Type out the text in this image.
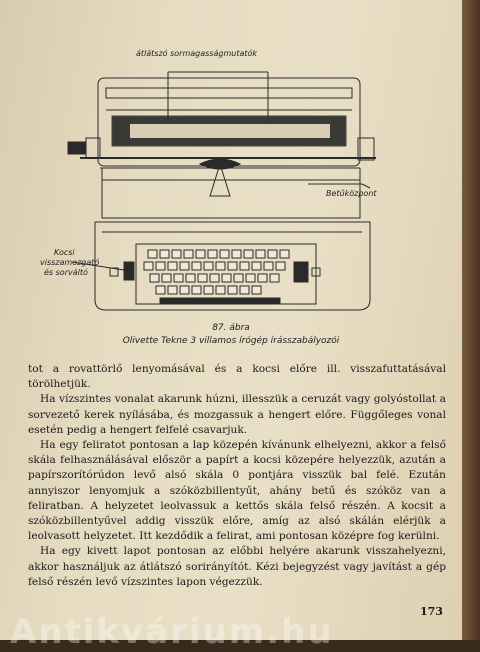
átlátszó sormagasságmutatók
Betűközpont
Kocsi
visszamozgató
és sorváltó
87. ábra
Olivette Tekne 3 villamos írógép írásszabályozói

tot a rovattörlő lenyomásával és a kocsi előre ill. visszafuttatásával törölhetjük.

Ha vízszintes vonalat akarunk húzni, illesszük a ceruzát vagy golyóstollat a sorvezető kerek nyílásába, és mozgassuk a hengert előre. Függőleges vonal esetén pedig a hengert felfelé csavarjuk.

Ha egy feliratot pontosan a lap közepén kívánunk elhelyezni, akkor a felső skála felhasználásával először a papírt a kocsi közepére helyezzük, azután a papírszorítórúdon levő alsó skála 0 pontjára visszük bal felé. Ezután annyiszor lenyomjuk a szóközbillentyűt, ahány betű és szóköz van a feliratban. A helyzetet leolvassuk a kettős skála felső részén. A kocsit a szóközbillentyűvel addig visszük előre, amíg az alsó skálán elérjük a leolvasott helyzetet. Itt kezdődik a felirat, ami pontosan középre fog kerülni.

Ha egy kivett lapot pontosan az előbbi helyére akarunk visszahelyezni, akkor használjuk az átlátszó sorirányítót. Kézi bejegyzést vagy javítást a gép felső részén levő vízszintes lapon végezzük.

173
Antikvárium.hu
